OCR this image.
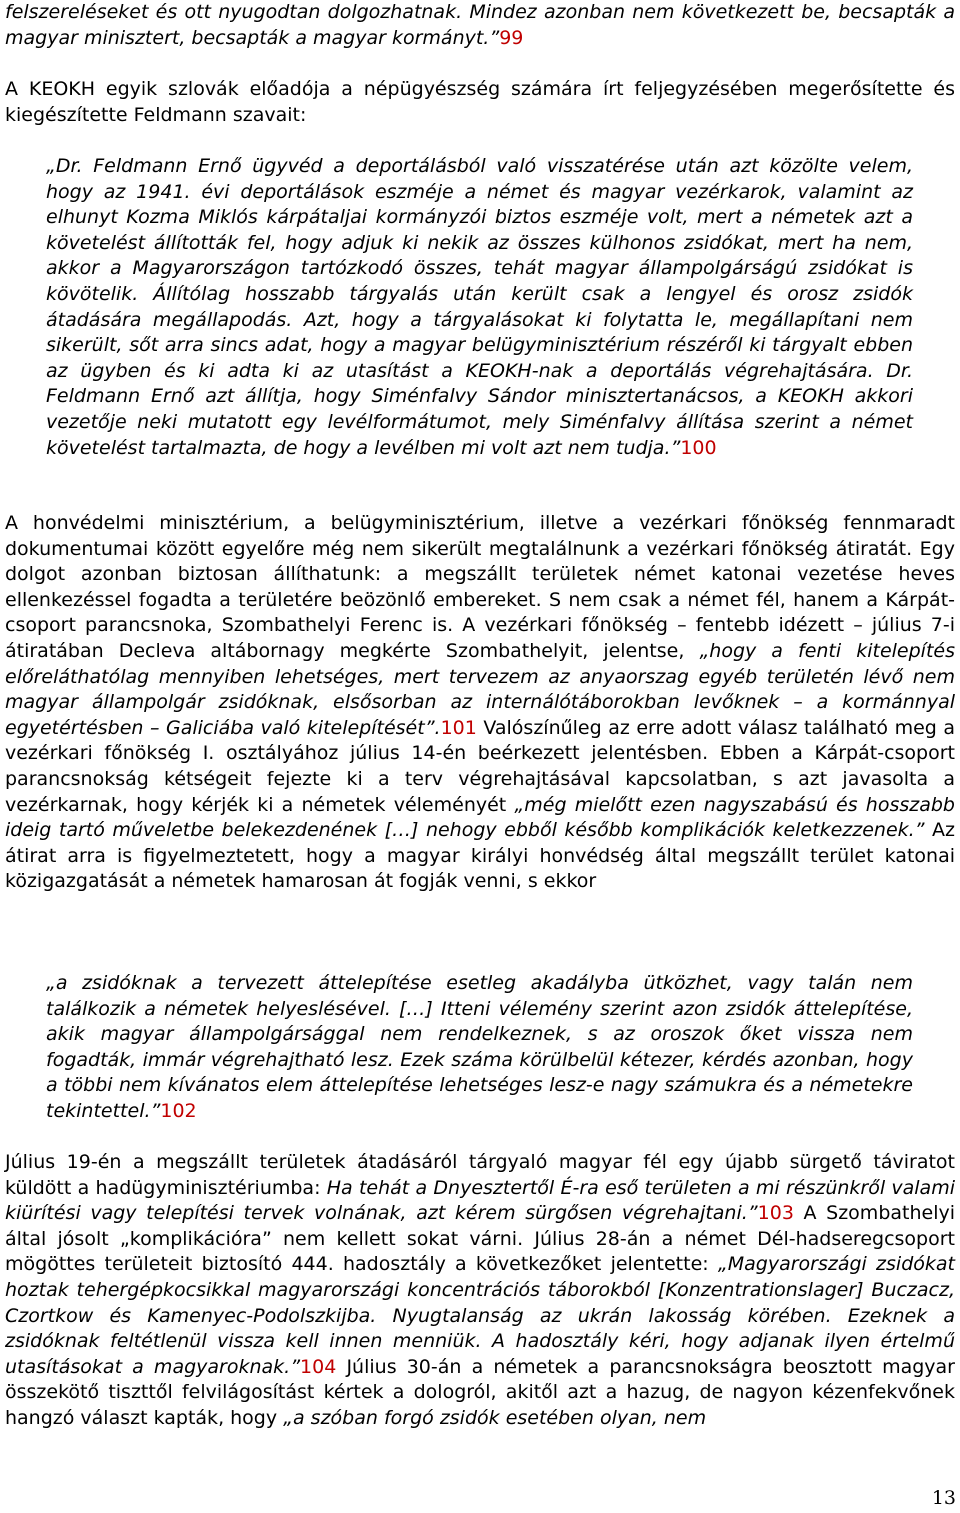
felszereléseket és ott nyugodtan dolgozhatnak. Mindez azonban nem következett be, becsapták a magyar minisztert, becsapták a magyar kormányt.”99

A KEOKH egyik szlovák előadója a népügyészség számára írt feljegyzésében megerősítette és kiegészítette Feldmann szavait:

„Dr. Feldmann Ernő ügyvéd a deportálásból való visszatérése után azt közölte velem, hogy az 1941. évi deportálások eszméje a német és magyar vezérkarok, valamint az elhunyt Kozma Miklós kárpátaljai kormányzói biztos eszméje volt, mert a németek azt a követelést állították fel, hogy adjuk ki nekik az összes külhonos zsidókat, mert ha nem, akkor a Magyarországon tartózkodó összes, tehát magyar állampolgárságú zsidókat is kövötelik. Állítólag hosszabb tárgyalás után került csak a lengyel és orosz zsidók átadására megállapodás. Azt, hogy a tárgyalásokat ki folytatta le, megállapítani nem sikerült, sőt arra sincs adat, hogy a magyar belügyminisztérium részéről ki tárgyalt ebben az ügyben és ki adta ki az utasítást a KEOKH-nak a deportálás végrehajtására. Dr. Feldmann Ernő azt állítja, hogy Siménfalvy Sándor minisztertanácsos, a KEOKH akkori vezetője neki mutatott egy levélformátumot, mely Siménfalvy állítása szerint a német követelést tartalmazta, de hogy a levélben mi volt azt nem tudja.”100

A honvédelmi minisztérium, a belügyminisztérium, illetve a vezérkari főnökség fennmaradt dokumentumai között egyelőre még nem sikerült megtalálnunk a vezérkari főnökség átiratát. Egy dolgot azonban biztosan állíthatunk: a megszállt területek német katonai vezetése heves ellenkezéssel fogadta a területére beözönlő embereket. S nem csak a német fél, hanem a Kárpát-csoport parancsnoka, Szombathelyi Ferenc is. A vezérkari főnökség – fentebb idézett – július 7-i átiratában Decleva altábornagy megkérte Szombathelyit, jelentse, „hogy a fenti kitelepítés előreláthatólag mennyiben lehetséges, mert tervezem az anyaorszag egyéb területén lévő nem magyar állampolgár zsidóknak, elsősorban az internálótáborokban levőknek – a kormánnyal egyetértésben – Galiciába való kitelepítését”.101 Valószínűleg az erre adott válasz található meg a vezérkari főnökség I. osztályához július 14-én beérkezett jelentésben. Ebben a Kárpát-csoport parancsnokság kétségeit fejezte ki a terv végrehajtásával kapcsolatban, s azt javasolta a vezérkarnak, hogy kérjék ki a németek véleményét „még mielőtt ezen nagyszabású és hosszabb ideig tartó műveletbe belekezdenének […] nehogy ebből később komplikációk keletkezzenek.” Az átirat arra is figyelmeztetett, hogy a magyar királyi honvédség által megszállt terület katonai közigazgatását a németek hamarosan át fogják venni, s ekkor

„a zsidóknak a tervezett áttelepítése esetleg akadályba ütközhet, vagy talán nem találkozik a németek helyeslésével. […] Itteni vélemény szerint azon zsidók áttelepítése, akik magyar állampolgársággal nem rendelkeznek, s az oroszok őket vissza nem fogadták, immár végrehajtható lesz. Ezek száma körülbelül kétezer, kérdés azonban, hogy a többi nem kívánatos elem áttelepítése lehetséges lesz-e nagy számukra és a németekre tekintettel.”102

Július 19-én a megszállt területek átadásáról tárgyaló magyar fél egy újabb sürgető táviratot küldött a hadügyminisztériumba: Ha tehát a Dnyesztertől É-ra eső területen a mi részünkről valami kiürítési vagy telepítési tervek volnának, azt kérem sürgősen végrehajtani.”103 A Szombathelyi által jósolt „komplikációra” nem kellett sokat várni. Július 28-án a német Dél-hadseregcsoport mögöttes területeit biztosító 444. hadosztály a következőket jelentette: „Magyarországi zsidókat hoztak tehergépkocsikkal magyarországi koncentrációs táborokból [Konzentrationslager] Buczacz, Czortkow és Kamenyec-Podolszkijba. Nyugtalanság az ukrán lakosság körében. Ezeknek a zsidóknak feltétlenül vissza kell innen menniük. A hadosztály kéri, hogy adjanak ilyen értelmű utasításokat a magyaroknak.”104 Július 30-án a németek a parancsnokságra beosztott magyar összekötő tiszttől felvilágosítást kértek a dologról, akitől azt a hazug, de nagyon kézenfekvőnek hangzó választ kapták, hogy „a szóban forgó zsidók esetében olyan, nem

13
